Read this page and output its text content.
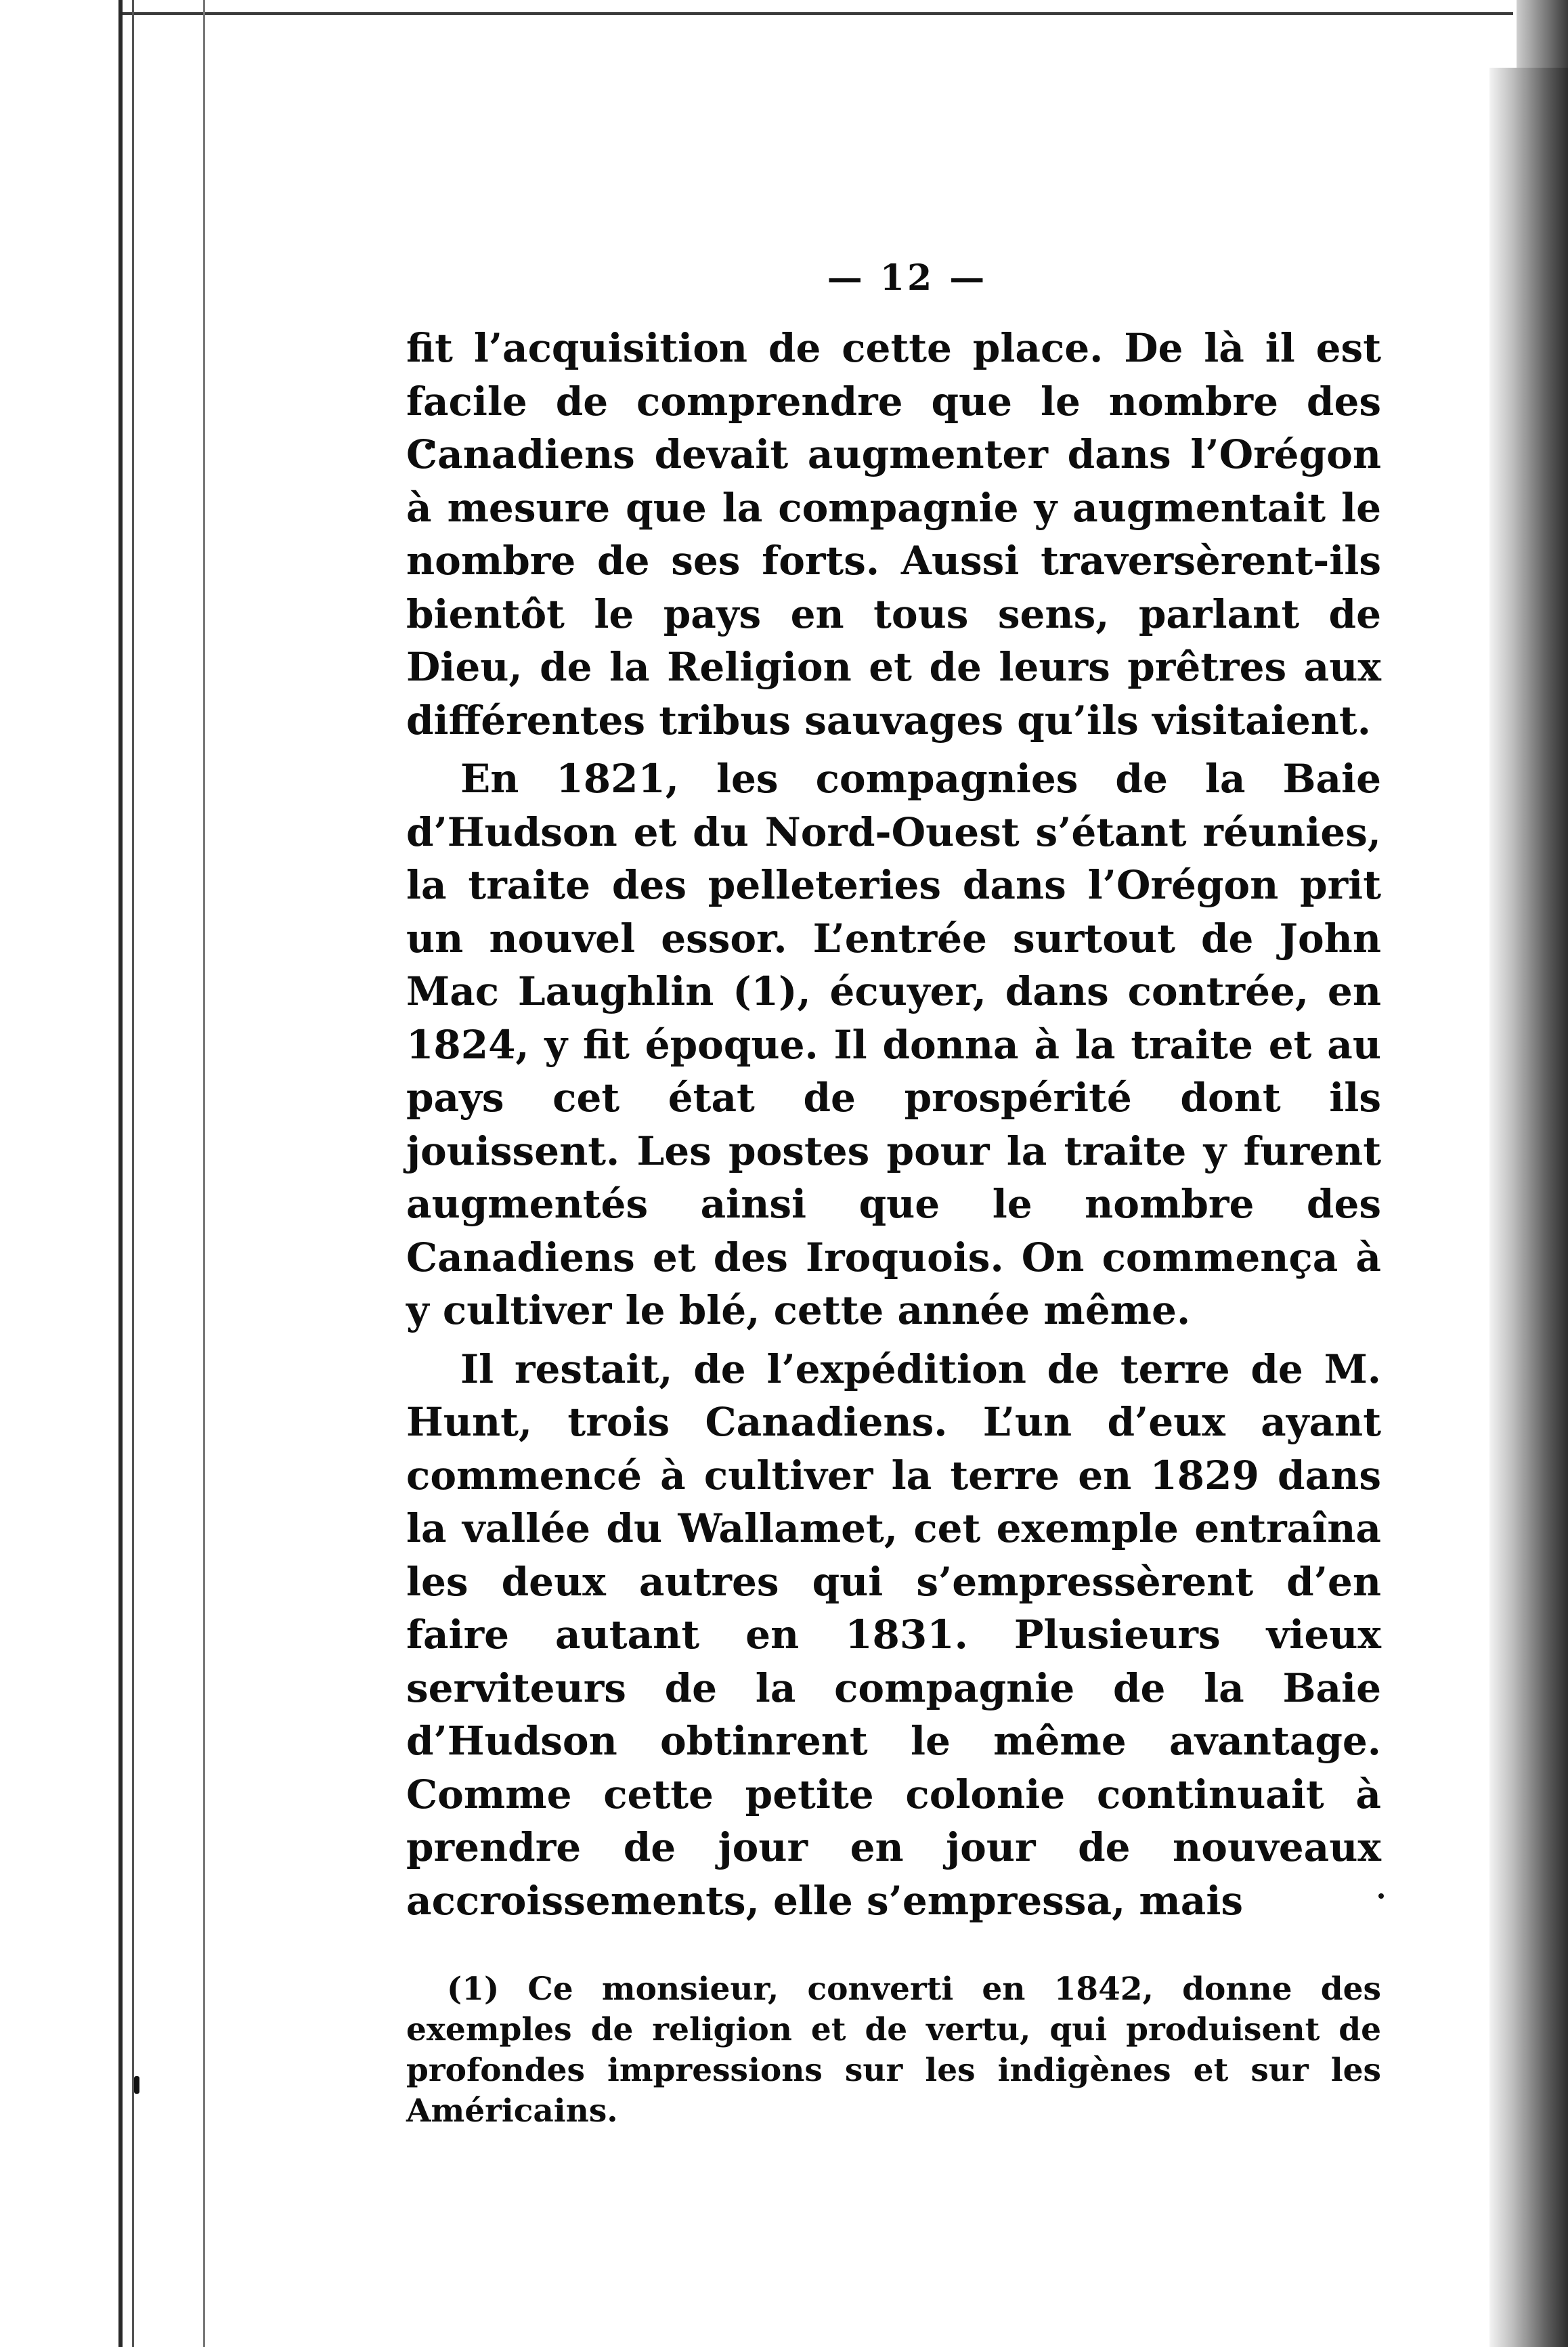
— 12 —

fit l’acquisition de cette place. De là il est facile de comprendre que le nombre des Canadiens devait augmenter dans l’Orégon à mesure que la compagnie y augmentait le nombre de ses forts. Aussi traversèrent-ils bientôt le pays en tous sens, parlant de Dieu, de la Religion et de leurs prêtres aux différentes tribus sauvages qu’ils visitaient.

En 1821, les compagnies de la Baie d’Hudson et du Nord-Ouest s’étant réunies, la traite des pelleteries dans l’Orégon prit un nouvel essor. L’entrée surtout de John Mac Laughlin (1), écuyer, dans contrée, en 1824, y fit époque. Il donna à la traite et au pays cet état de prospérité dont ils jouissent. Les postes pour la traite y furent augmentés ainsi que le nombre des Canadiens et des Iroquois. On commença à y cultiver le blé, cette année même.

Il restait, de l’expédition de terre de M. Hunt, trois Canadiens. L’un d’eux ayant commencé à cultiver la terre en 1829 dans la vallée du Wallamet, cet exemple entraîna les deux autres qui s’empressèrent d’en faire autant en 1831. Plusieurs vieux serviteurs de la compagnie de la Baie d’Hudson obtinrent le même avantage. Comme cette petite colonie continuait à prendre de jour en jour de nouveaux accroissements, elle s’empressa, mais

(1) Ce monsieur, converti en 1842, donne des exemples de religion et de vertu, qui produisent de profondes impressions sur les indigènes et sur les Américains.
